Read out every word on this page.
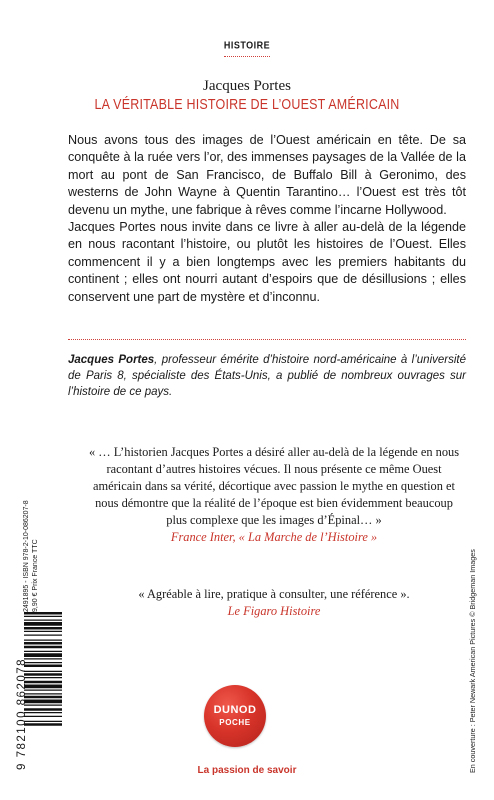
HISTOIRE
Jacques Portes
LA VÉRITABLE HISTOIRE DE L’OUEST AMÉRICAIN

Nous avons tous des images de l’Ouest américain en tête. De sa conquête à la ruée vers l’or, des immenses paysages de la Vallée de la mort au pont de San Francisco, de Buffalo Bill à Geronimo, des westerns de John Wayne à Quentin Tarantino… l’Ouest est très tôt devenu un mythe, une fabrique à rêves comme l’incarne Hollywood.

Jacques Portes nous invite dans ce livre à aller au-delà de la légende en nous racontant l’histoire, ou plutôt les histoires de l’Ouest. Elles commencent il y a bien longtemps avec les premiers habitants du continent ; elles ont nourri autant d’espoirs que de désillusions ; elles conservent une part de mystère et d’inconnu.

Jacques Portes, professeur émérite d’histoire nord-américaine à l’université de Paris 8, spécialiste des États-Unis, a publié de nombreux ouvrages sur l’histoire de ce pays.
« … L’historien Jacques Portes a désiré aller au-delà de la légende en nous racontant d’autres histoires vécues. Il nous présente ce même Ouest américain dans sa vérité, décortique avec passion le mythe en question et nous démontre que la réalité de l’époque est bien évidemment beaucoup plus complexe que les images d’Épinal… »
France Inter, « La Marche de l’Histoire »
« Agréable à lire, pratique à consulter, une référence ».
Le Figaro Histoire
2491895 - ISBN 978-2-10-086207-8 9,90 € Prix France TTC
9 782100 862078	En couverture : Peter Newark American Pictures © Bridgeman Images
DUNOD
POCHE
La passion de savoir
